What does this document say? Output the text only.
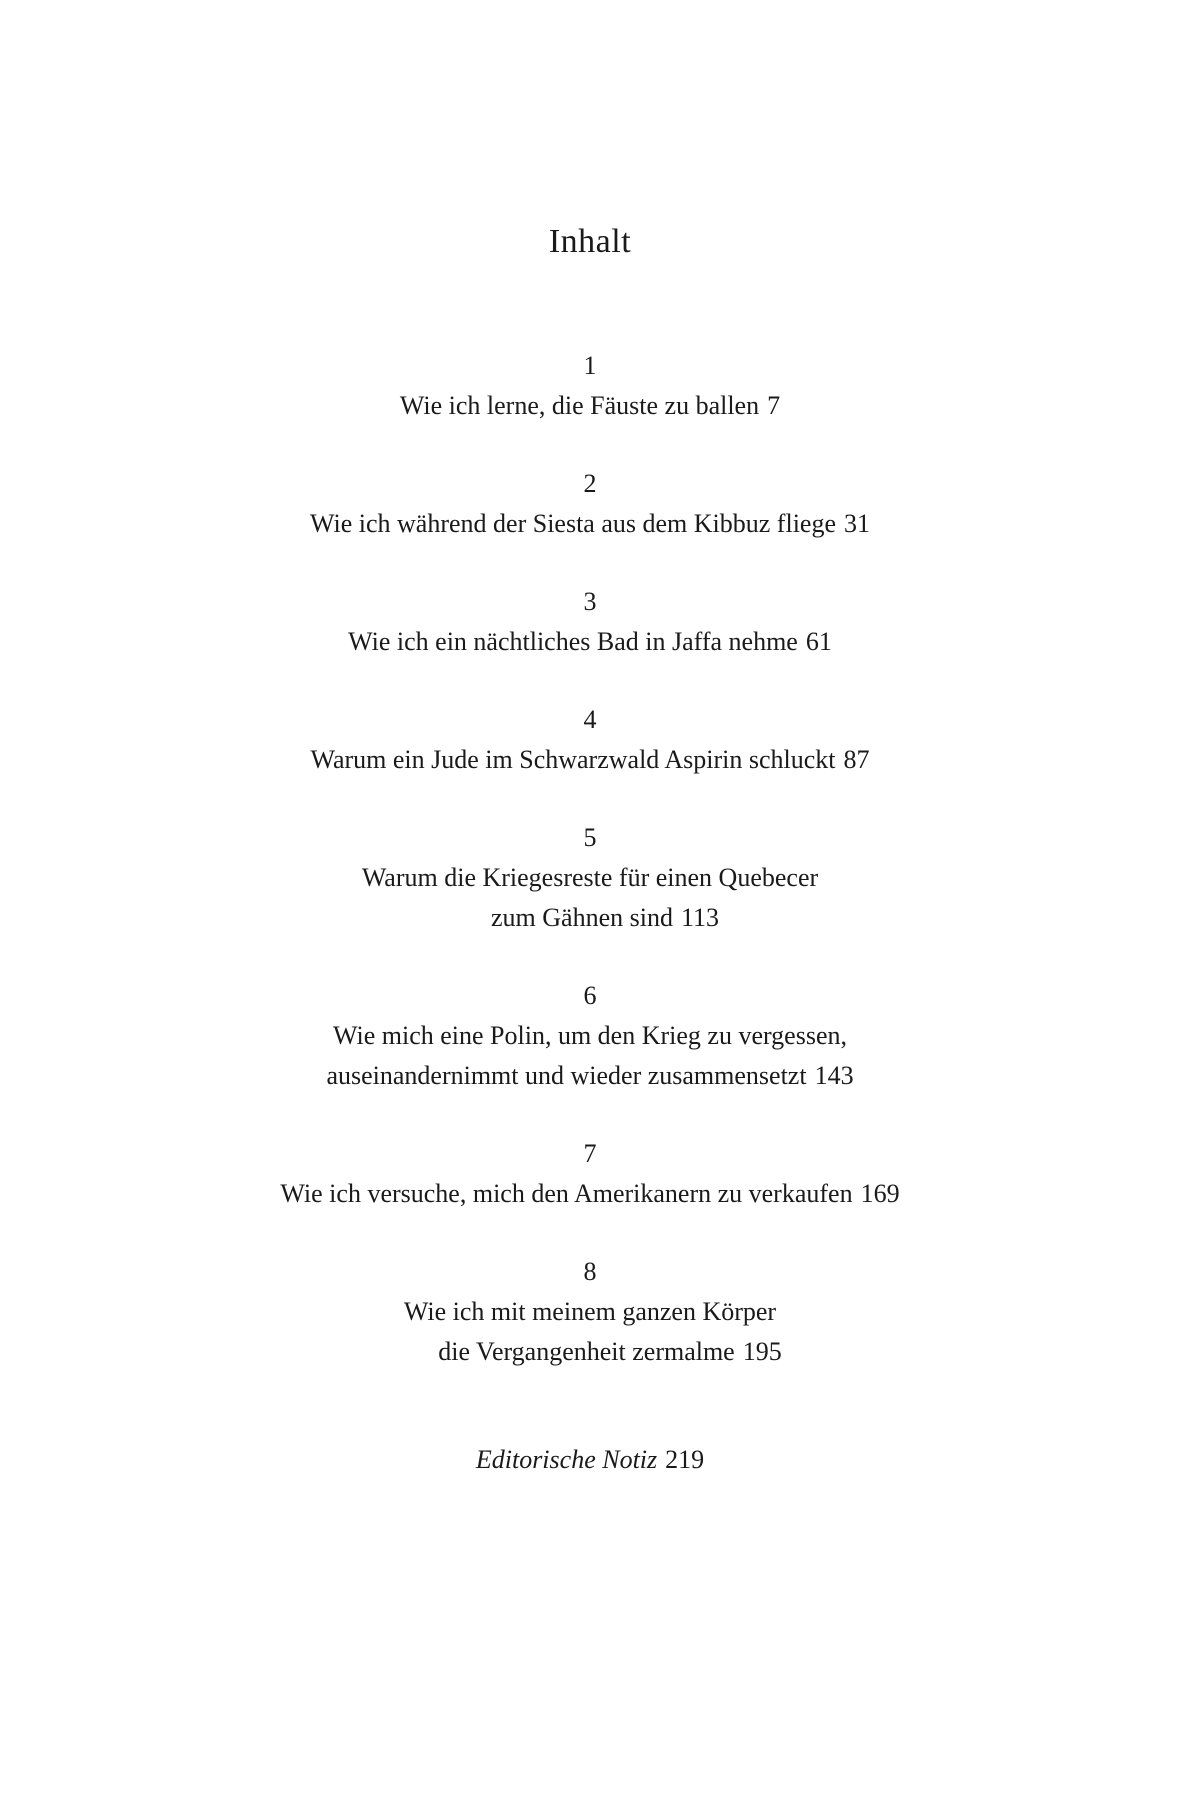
Inhalt
1
Wie ich lerne, die Fäuste zu ballen 7
2
Wie ich während der Siesta aus dem Kibbuz fliege 31
3
Wie ich ein nächtliches Bad in Jaffa nehme 61
4
Warum ein Jude im Schwarzwald Aspirin schluckt 87
5
Warum die Kriegesreste für einen Quebecer
zum Gähnen sind 113
6
Wie mich eine Polin, um den Krieg zu vergessen,
auseinandernimmt und wieder zusammensetzt 143
7
Wie ich versuche, mich den Amerikanern zu verkaufen 169
8
Wie ich mit meinem ganzen Körper
die Vergangenheit zermalme 195
Editorische Notiz 219
